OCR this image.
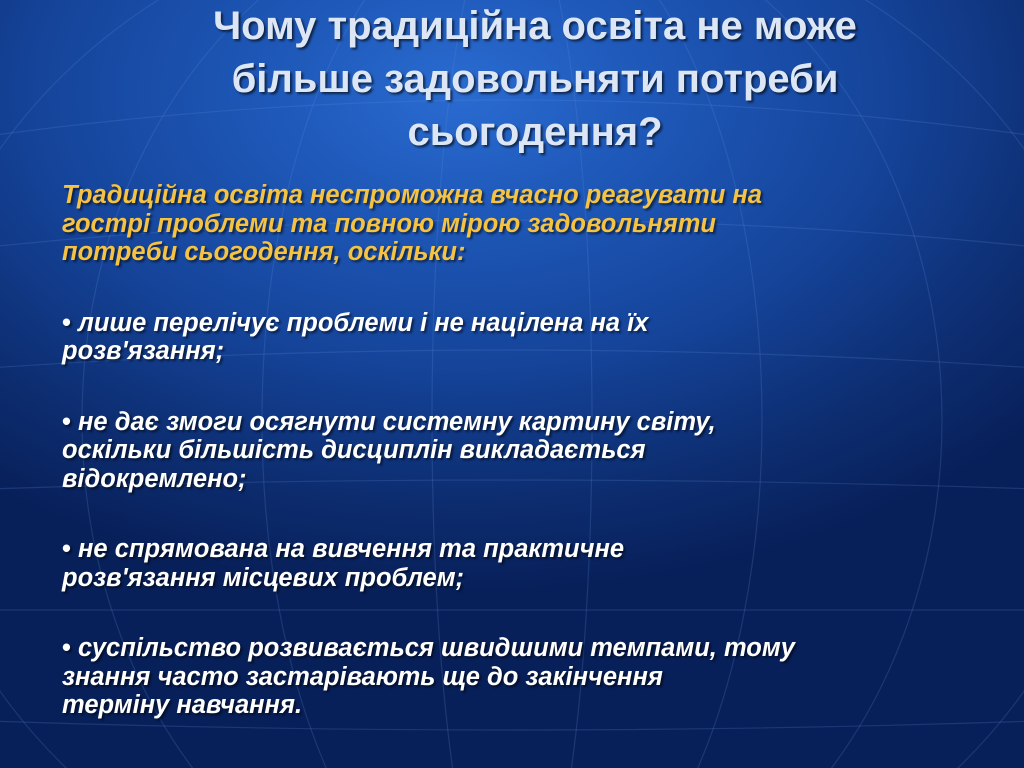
Чому традиційна освіта не може
більше задовольняти потреби
сьогодення?
Традиційна освіта неспроможна вчасно реагувати на
гострі проблеми та повною мірою задовольняти
потреби сьогодення, оскільки:
• лише перелічує проблеми і не націлена на їх
розв'язання;
• не дає змоги осягнути системну картину світу,
оскільки більшість дисциплін викладається
відокремлено;
• не спрямована на вивчення та практичне
розв'язання місцевих проблем;
• суспільство розвивається швидшими темпами, тому
знання часто застарівають ще до закінчення
терміну навчання.
